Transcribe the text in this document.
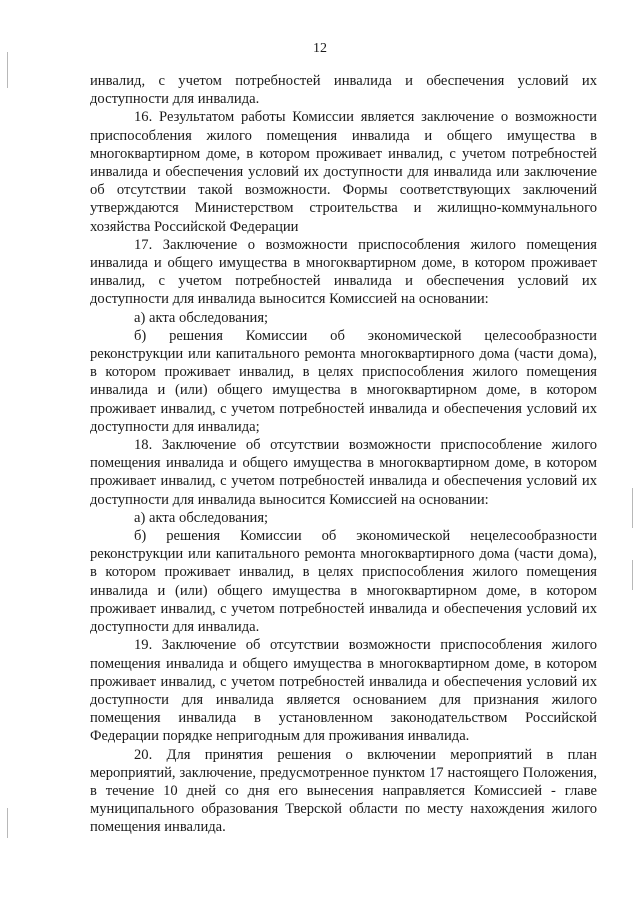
12

инвалид, с учетом потребностей инвалида и обеспечения условий их доступности для инвалида.

16. Результатом работы Комиссии является заключение о возможности приспособления жилого помещения инвалида и общего имущества в многоквартирном доме, в котором проживает инвалид, с учетом потребностей инвалида и обеспечения условий их доступности для инвалида или заключение об отсутствии такой возможности. Формы соответствующих заключений утверждаются Министерством строительства и жилищно-коммунального хозяйства Российской Федерации

17. Заключение о возможности приспособления жилого помещения инвалида и общего имущества в многоквартирном доме, в котором проживает инвалид, с учетом потребностей инвалида и обеспечения условий их доступности для инвалида выносится Комиссией на основании:

а) акта обследования;

б) решения Комиссии об экономической целесообразности реконструкции или капитального ремонта многоквартирного дома (части дома), в котором проживает инвалид, в целях приспособления жилого помещения инвалида и (или) общего имущества в многоквартирном доме, в котором проживает инвалид, с учетом потребностей инвалида и обеспечения условий их доступности для инвалида;

18. Заключение об отсутствии возможности приспособление жилого помещения инвалида и общего имущества в многоквартирном доме, в котором проживает инвалид, с учетом потребностей инвалида и обеспечения условий их доступности для инвалида выносится Комиссией на основании:

а) акта обследования;

б) решения Комиссии об экономической нецелесообразности реконструкции или капитального ремонта многоквартирного дома (части дома), в котором проживает инвалид, в целях приспособления жилого помещения инвалида и (или) общего имущества в многоквартирном доме, в котором проживает инвалид, с учетом потребностей инвалида и обеспечения условий их доступности для инвалида.

19. Заключение об отсутствии возможности приспособления жилого помещения инвалида и общего имущества в многоквартирном доме, в котором проживает инвалид, с учетом потребностей инвалида и обеспечения условий их доступности для инвалида является основанием для признания жилого помещения инвалида в установленном законодательством Российской Федерации порядке непригодным для проживания инвалида.

20. Для принятия решения о включении мероприятий в план мероприятий, заключение, предусмотренное пунктом 17 настоящего Положения, в течение 10 дней со дня его вынесения направляется Комиссией - главе муниципального образования Тверской области по месту нахождения жилого помещения инвалида.
